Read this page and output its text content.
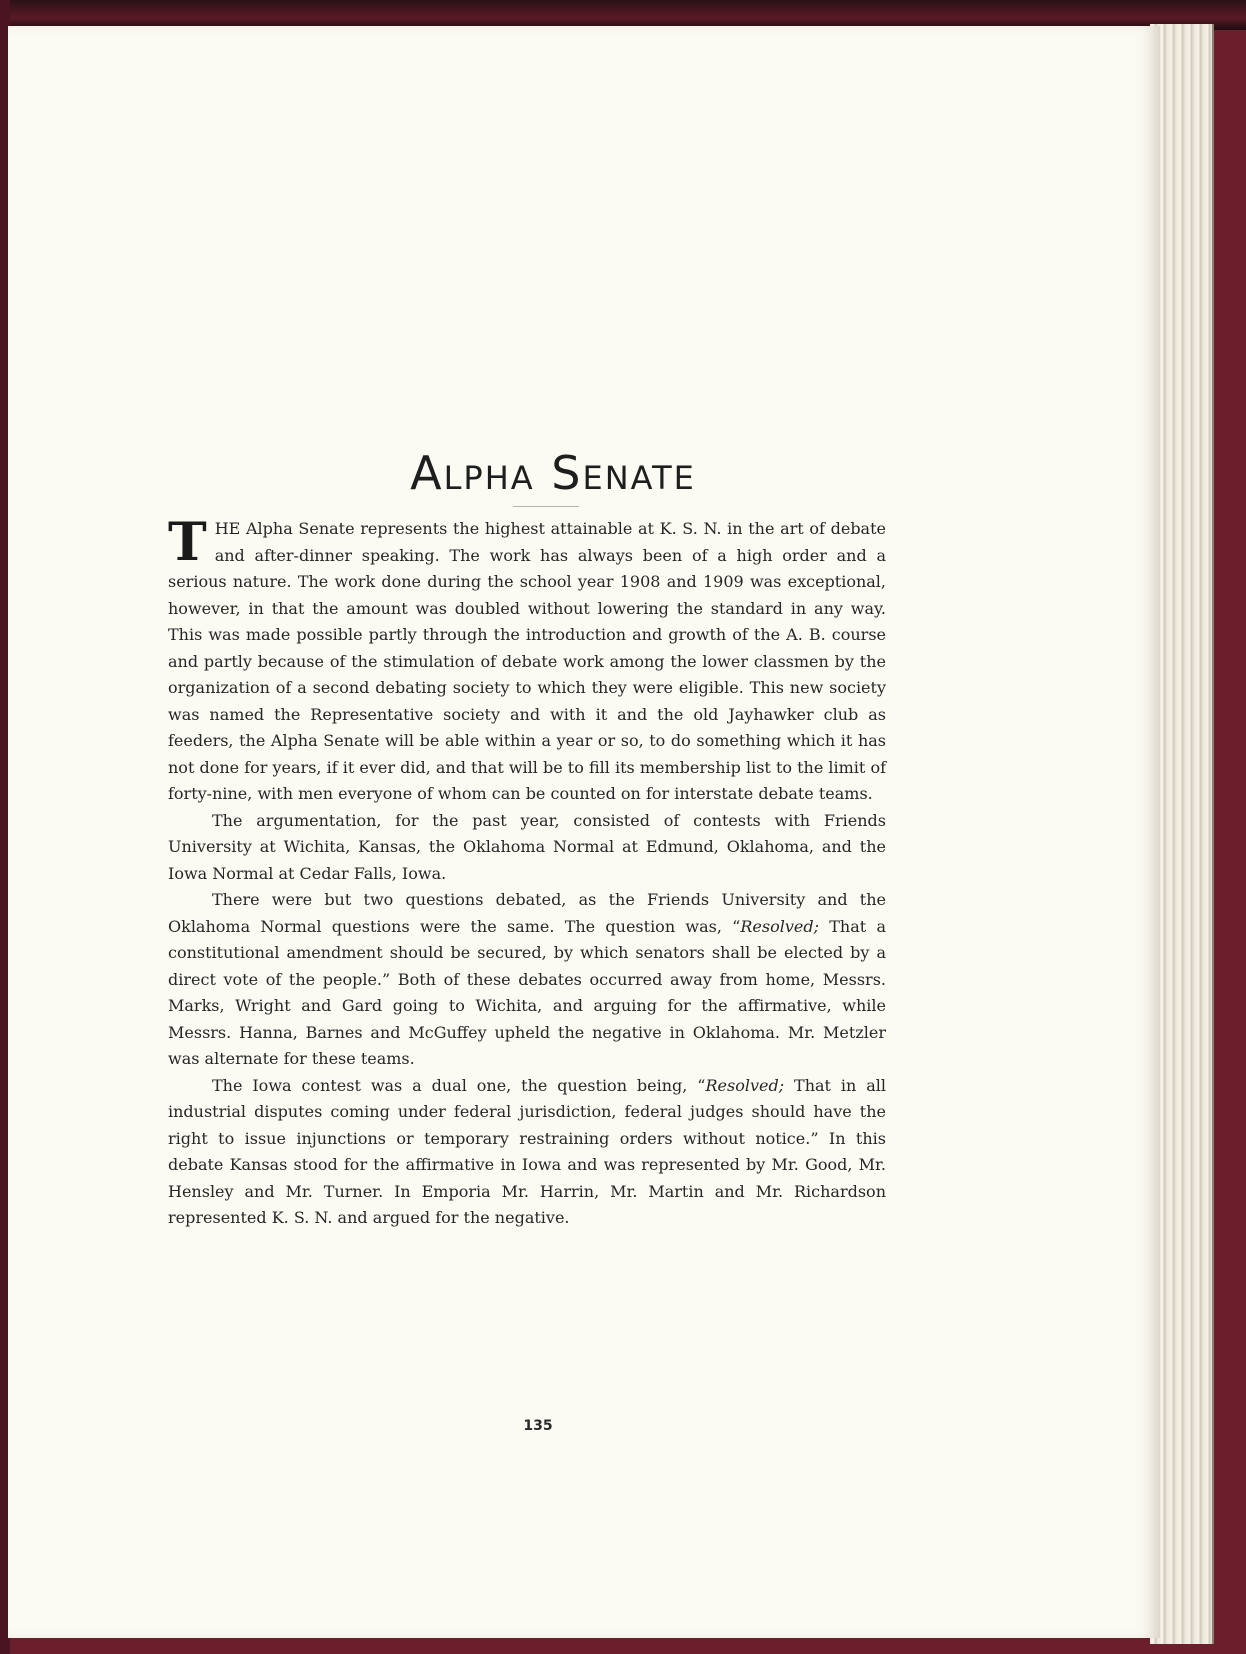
Alpha Senate

THE Alpha Senate represents the highest attainable at K. S. N. in the art of debate and after-dinner speaking. The work has always been of a high order and a serious nature. The work done during the school year 1908 and 1909 was exceptional, however, in that the amount was doubled without lowering the standard in any way. This was made possible partly through the introduction and growth of the A. B. course and partly because of the stimulation of debate work among the lower classmen by the organization of a second debating society to which they were eligible. This new society was named the Representative society and with it and the old Jayhawker club as feeders, the Alpha Senate will be able within a year or so, to do something which it has not done for years, if it ever did, and that will be to fill its membership list to the limit of forty-nine, with men everyone of whom can be counted on for interstate debate teams.

The argumentation, for the past year, consisted of contests with Friends University at Wichita, Kansas, the Oklahoma Normal at Edmund, Oklahoma, and the Iowa Normal at Cedar Falls, Iowa.

There were but two questions debated, as the Friends University and the Oklahoma Normal questions were the same. The question was, “Resolved; That a constitutional amendment should be secured, by which senators shall be elected by a direct vote of the people.” Both of these debates occurred away from home, Messrs. Marks, Wright and Gard going to Wichita, and arguing for the affirmative, while Messrs. Hanna, Barnes and McGuffey upheld the negative in Oklahoma. Mr. Metzler was alternate for these teams.

The Iowa contest was a dual one, the question being, “Resolved; That in all industrial disputes coming under federal jurisdiction, federal judges should have the right to issue injunctions or temporary restraining orders without notice.” In this debate Kansas stood for the affirmative in Iowa and was represented by Mr. Good, Mr. Hensley and Mr. Turner. In Emporia Mr. Harrin, Mr. Martin and Mr. Richardson represented K. S. N. and argued for the negative.

135
